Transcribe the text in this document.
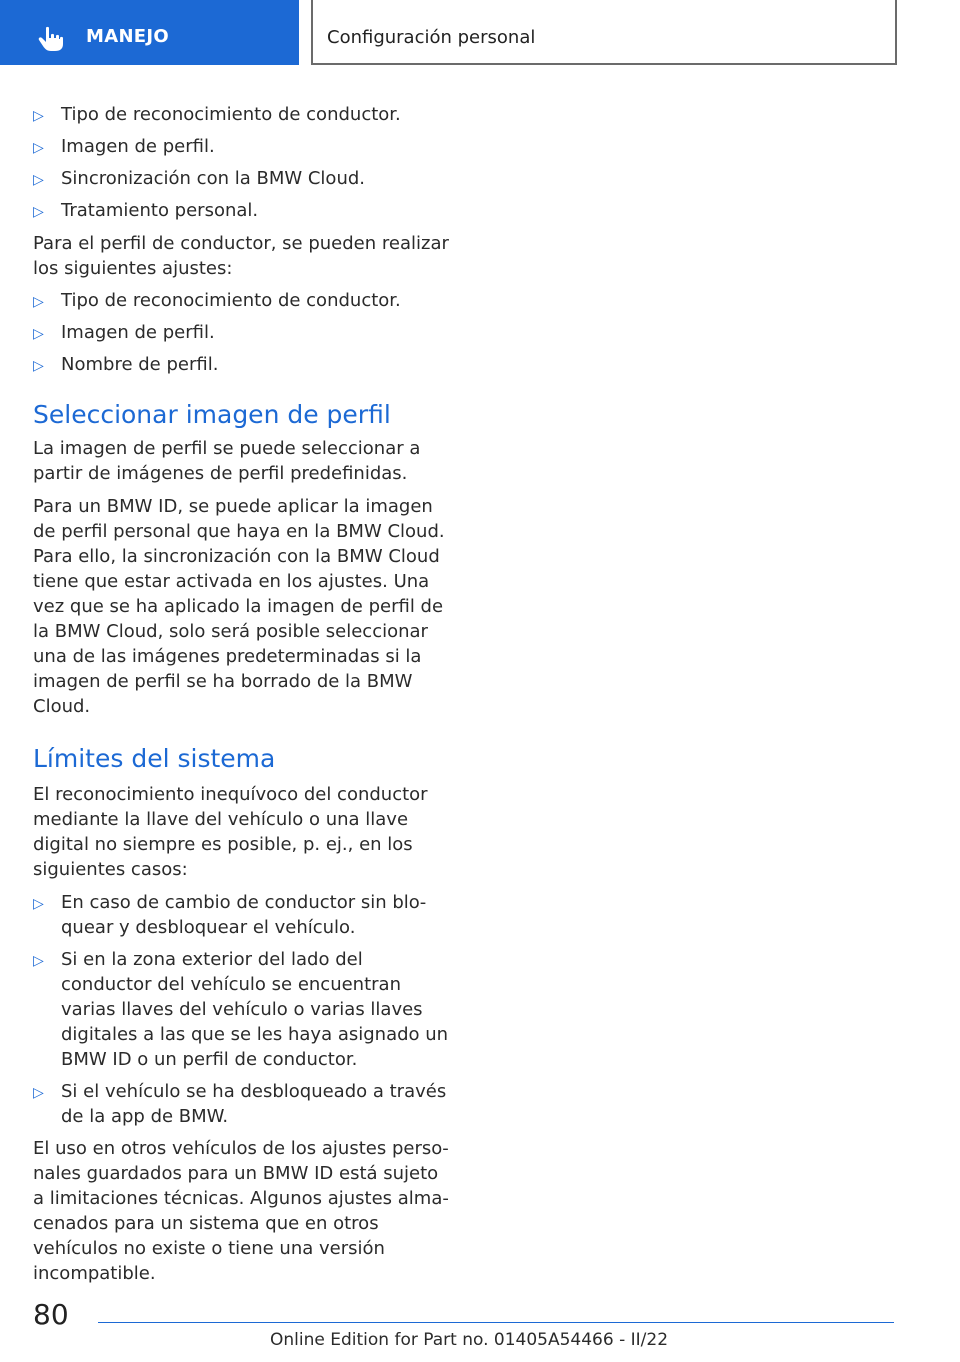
MANEJO	Configuración personal
▷ Tipo de reconocimiento de conductor.
▷ Imagen de perfil.
▷ Sincronización con la BMW Cloud.
▷ Tratamiento personal.
Para el perfil de conductor, se pueden realizar los siguientes ajustes:
▷ Tipo de reconocimiento de conductor.
▷ Imagen de perfil.
▷ Nombre de perfil.
Seleccionar imagen de perfil
La imagen de perfil se puede seleccionar a partir de imágenes de perfil predefinidas.
Para un BMW ID, se puede aplicar la imagen de perfil personal que haya en la BMW Cloud. Para ello, la sincronización con la BMW Cloud tiene que estar activada en los ajustes. Una vez que se ha aplicado la imagen de perfil de la BMW Cloud, solo será posible seleccionar una de las imágenes predeterminadas si la imagen de perfil se ha borrado de la BMW Cloud.
Límites del sistema
El reconocimiento inequívoco del conductor mediante la llave del vehículo o una llave digital no siempre es posible, p. ej., en los siguientes casos:
▷ En caso de cambio de conductor sin bloquear y desbloquear el vehículo.
▷ Si en la zona exterior del lado del conductor del vehículo se encuentran varias llaves del vehículo o varias llaves digitales a las que se les haya asignado un BMW ID o un perfil de conductor.
▷ Si el vehículo se ha desbloqueado a través de la app de BMW.
El uso en otros vehículos de los ajustes personales guardados para un BMW ID está sujeto a limitaciones técnicas. Algunos ajustes almacenados para un sistema que en otros vehículos no existe o tiene una versión incompatible.
80
Online Edition for Part no. 01405A54466 - II/22
